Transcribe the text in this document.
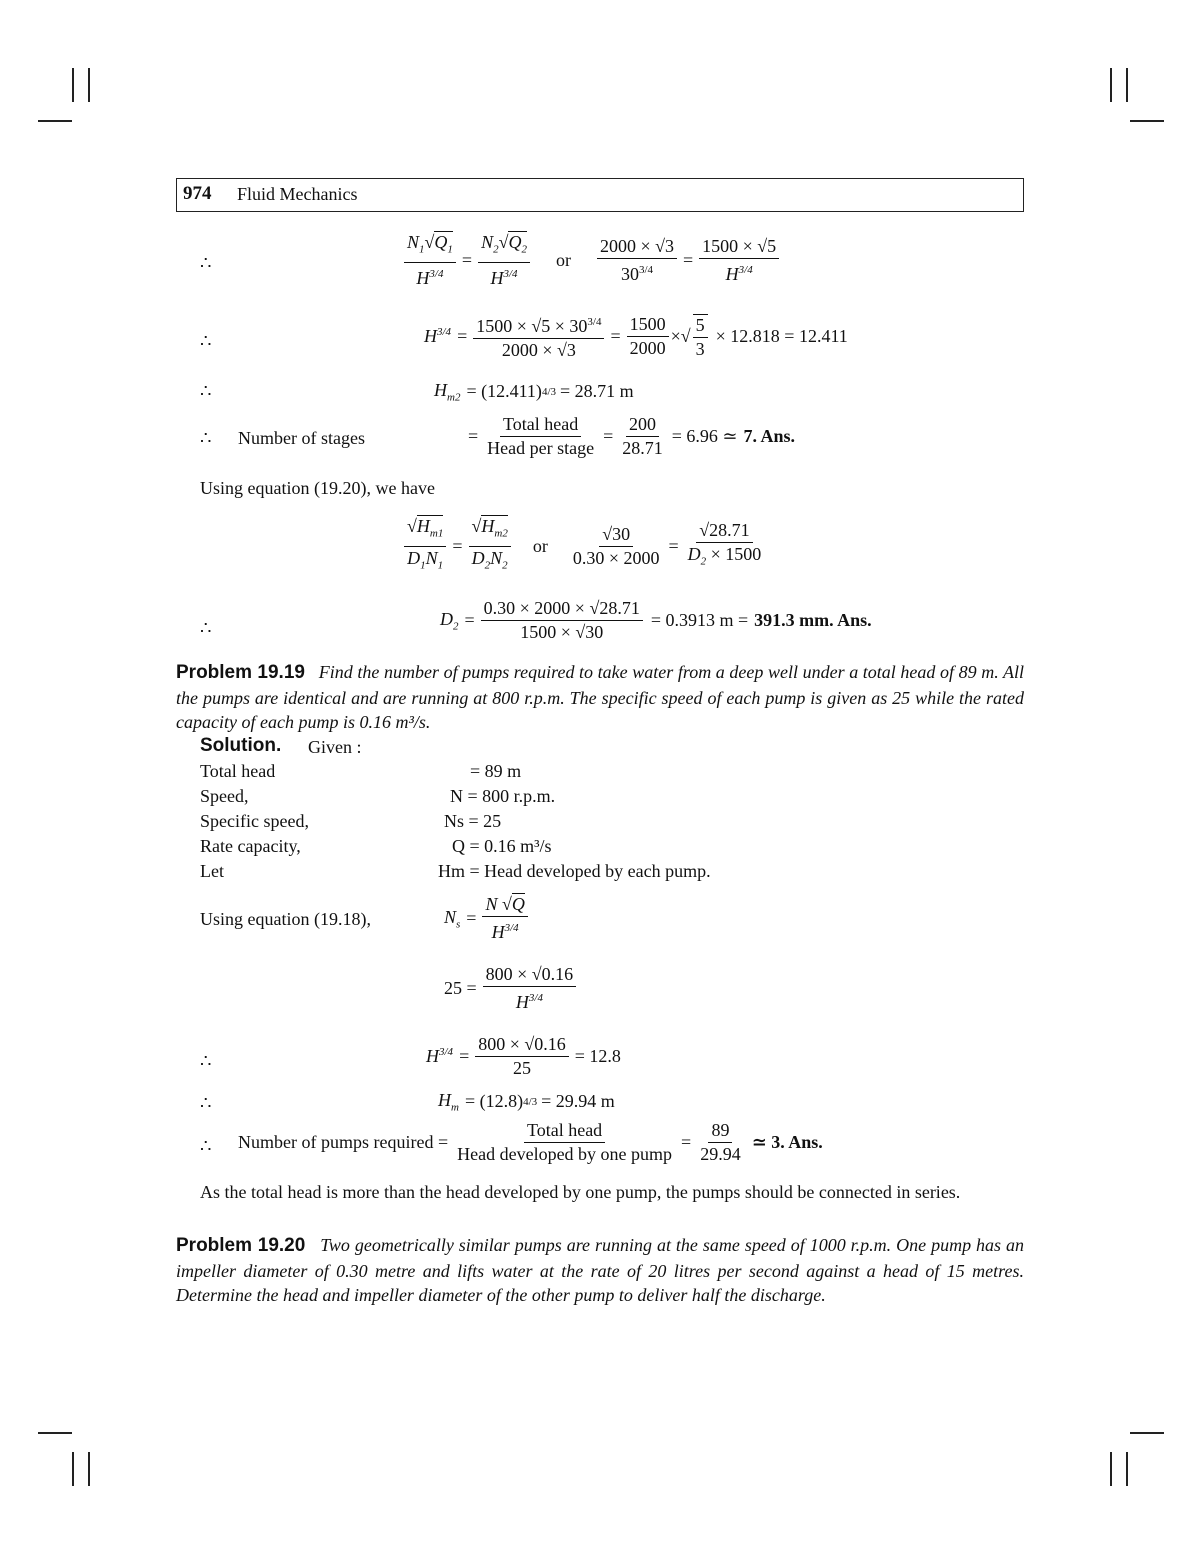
974 Fluid Mechanics
∴
∴
∴
∴
∴
$\frac{N_1√Q_1}{H^{3/4}} = \frac{N_2√Q_2}{H^{3/4}}$ or $\frac{2000 \times √3}{30^{3/4}} = \frac{1500 \times √5}{H^{3/4}}$
$H^{3/4} = \frac{1500 \times √5 \times 30^{3/4}}{2000 \times √3} = \frac{1500}{2000}$ ×√ $\frac{5}{3} \times 12.818 = 12.411$
$H_{m2} = (12.411) 4/3 = 28.71$ m
Number of stages	= $\frac{\text{Total head}}{\text{Head per stage}} = \frac{200}{28.71} = 6.96$ ≃ 7. Ans.
Using equation (19.20), we have
$\frac{√H_{m1}}{D_1N_1} = \frac{√H_{m2}}{D_2N_2}$ or $\frac{√30}{0.30 \times 2000} = \frac{√28.71}{D_2 \times 1500}$
$D_2 = \frac{0.30 \times 2000 \times √28.71}{1500 \times √30} = 0.3913$ m = 391.3 mm. Ans.
Problem 19.19 Find the number of pumps required to take water from a deep well under a total head of 89 m. All the pumps are identical and are running at 800 r.p.m. The specific speed of each pump is given as 25 while the rated capacity of each pump is 0.16 m³/s.
Solution. Given :
Total head	= 89 m
Speed,	N = 800 r.p.m.
Specific speed,	Ns = 25
Rate capacity,	Q = 0.16 m³/s
Let	Hm = Head developed by each pump.
Using equation (19.18),	$N_s = \frac{N √Q}{H^{3/4}}$
$25 = \frac{800 \times √0.16}{H^{3/4}}$
∴	$H^{3/4} = \frac{800 \times √0.16}{25} = 12.8$
∴	$H_m = (12.8) 4/3 = 29.94$ m
∴ Number of pumps required = $\frac{\text{Total head}}{\text{Head developed by one pump}} = \frac{89}{29.94}$ ≃ 3. Ans.
As the total head is more than the head developed by one pump, the pumps should be connected in series.
Problem 19.20 Two geometrically similar pumps are running at the same speed of 1000 r.p.m. One pump has an impeller diameter of 0.30 metre and lifts water at the rate of 20 litres per second against a head of 15 metres. Determine the head and impeller diameter of the other pump to deliver half the discharge.
